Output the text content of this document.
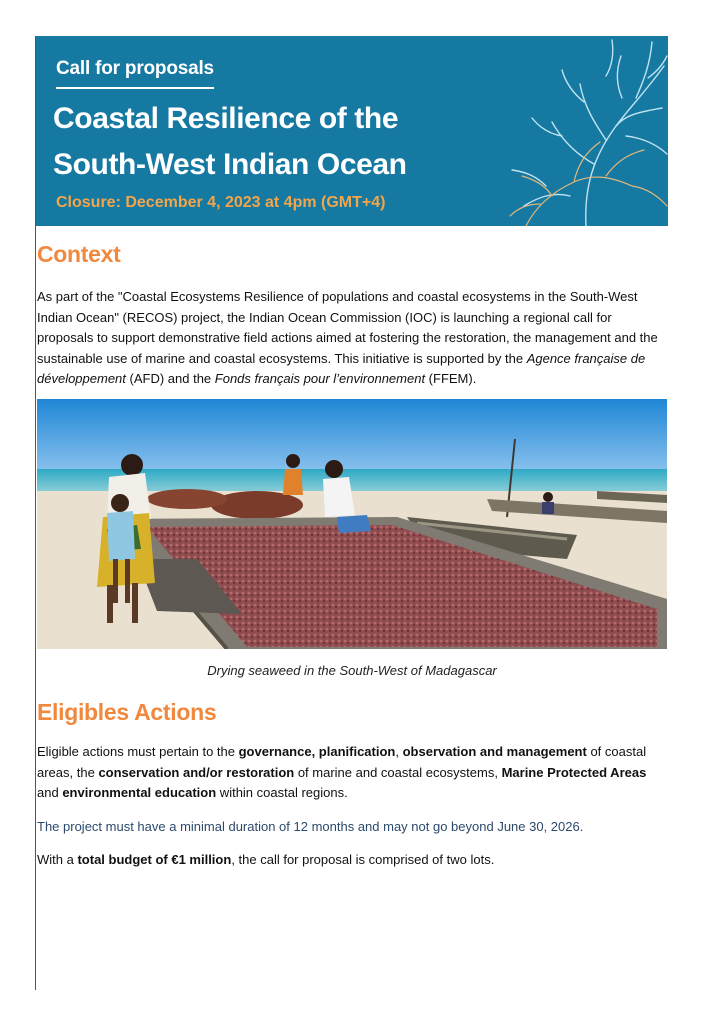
Call for proposals
Coastal Resilience of the
South-West Indian Ocean
Closure: December 4, 2023 at 4pm (GMT+4)
Context
As part of the "Coastal Ecosystems Resilience of populations and coastal ecosystems in the South-West Indian Ocean" (RECOS) project, the Indian Ocean Commission (IOC) is launching a regional call for proposals to support demonstrative field actions aimed at fostering the restoration, the management and the sustainable use of marine and coastal ecosystems. This initiative is supported by the Agence française de développement (AFD) and the Fonds français pour l’environnement (FFEM).
Drying seaweed in the South-West of Madagascar
Eligibles Actions
Eligible actions must pertain to the governance, planification, observation and management of coastal areas, the conservation and/or restoration of marine and coastal ecosystems, Marine Protected Areas and environmental education within coastal regions.
The project must have a minimal duration of 12 months and may not go beyond June 30, 2026.
With a total budget of €1 million, the call for proposal is comprised of two lots.
